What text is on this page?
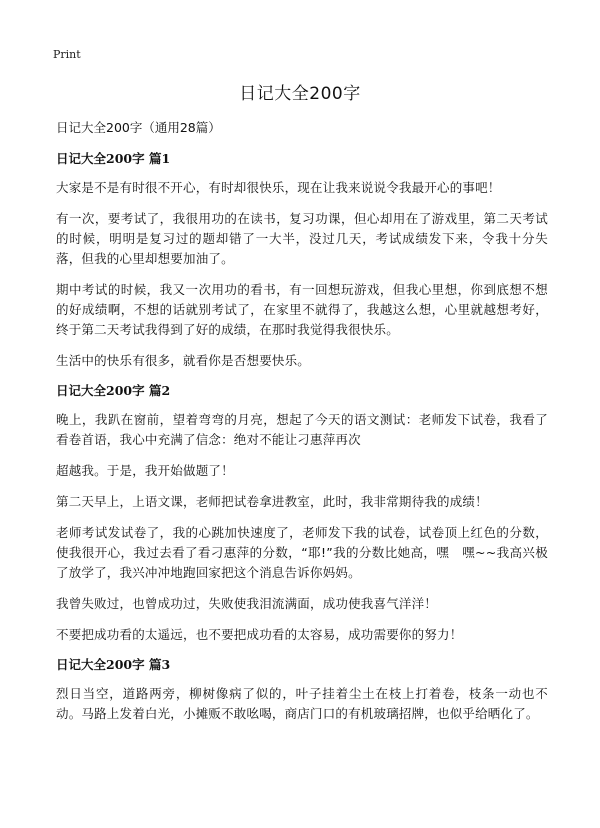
Print
日记大全200字

日记大全200字（通用28篇）

日记大全200字 篇1

大家是不是有时很不开心，有时却很快乐，现在让我来说说令我最开心的事吧！

有一次，要考试了，我很用功的在读书，复习功课，但心却用在了游戏里，第二天考试的时候，明明是复习过的题却错了一大半，没过几天，考试成绩发下来，令我十分失落，但我的心里却想要加油了。

期中考试的时候，我又一次用功的看书，有一回想玩游戏，但我心里想，你到底想不想的好成绩啊，不想的话就别考试了，在家里不就得了，我越这么想，心里就越想考好，终于第二天考试我得到了好的成绩，在那时我觉得我很快乐。

生活中的快乐有很多，就看你是否想要快乐。

日记大全200字 篇2

晚上，我趴在窗前，望着弯弯的月亮，想起了今天的语文测试：老师发下试卷，我看了看卷首语，我心中充满了信念：绝对不能让刁惠萍再次

超越我。于是，我开始做题了！

第二天早上，上语文课，老师把试卷拿进教室，此时，我非常期待我的成绩！

老师考试发试卷了，我的心跳加快速度了，老师发下我的试卷，试卷顶上红色的分数，使我很开心，我过去看了看刁惠萍的分数，“耶!”我的分数比她高，嘿　嘿~~我高兴极了放学了，我兴冲冲地跑回家把这个消息告诉你妈妈。

我曾失败过，也曾成功过，失败使我泪流满面，成功使我喜气洋洋！

不要把成功看的太遥远，也不要把成功看的太容易，成功需要你的努力！

日记大全200字 篇3

烈日当空，道路两旁，柳树像病了似的，叶子挂着尘土在枝上打着卷，枝条一动也不动。马路上发着白光，小摊贩不敢吆喝，商店门口的有机玻璃招牌，也似乎给晒化了。
